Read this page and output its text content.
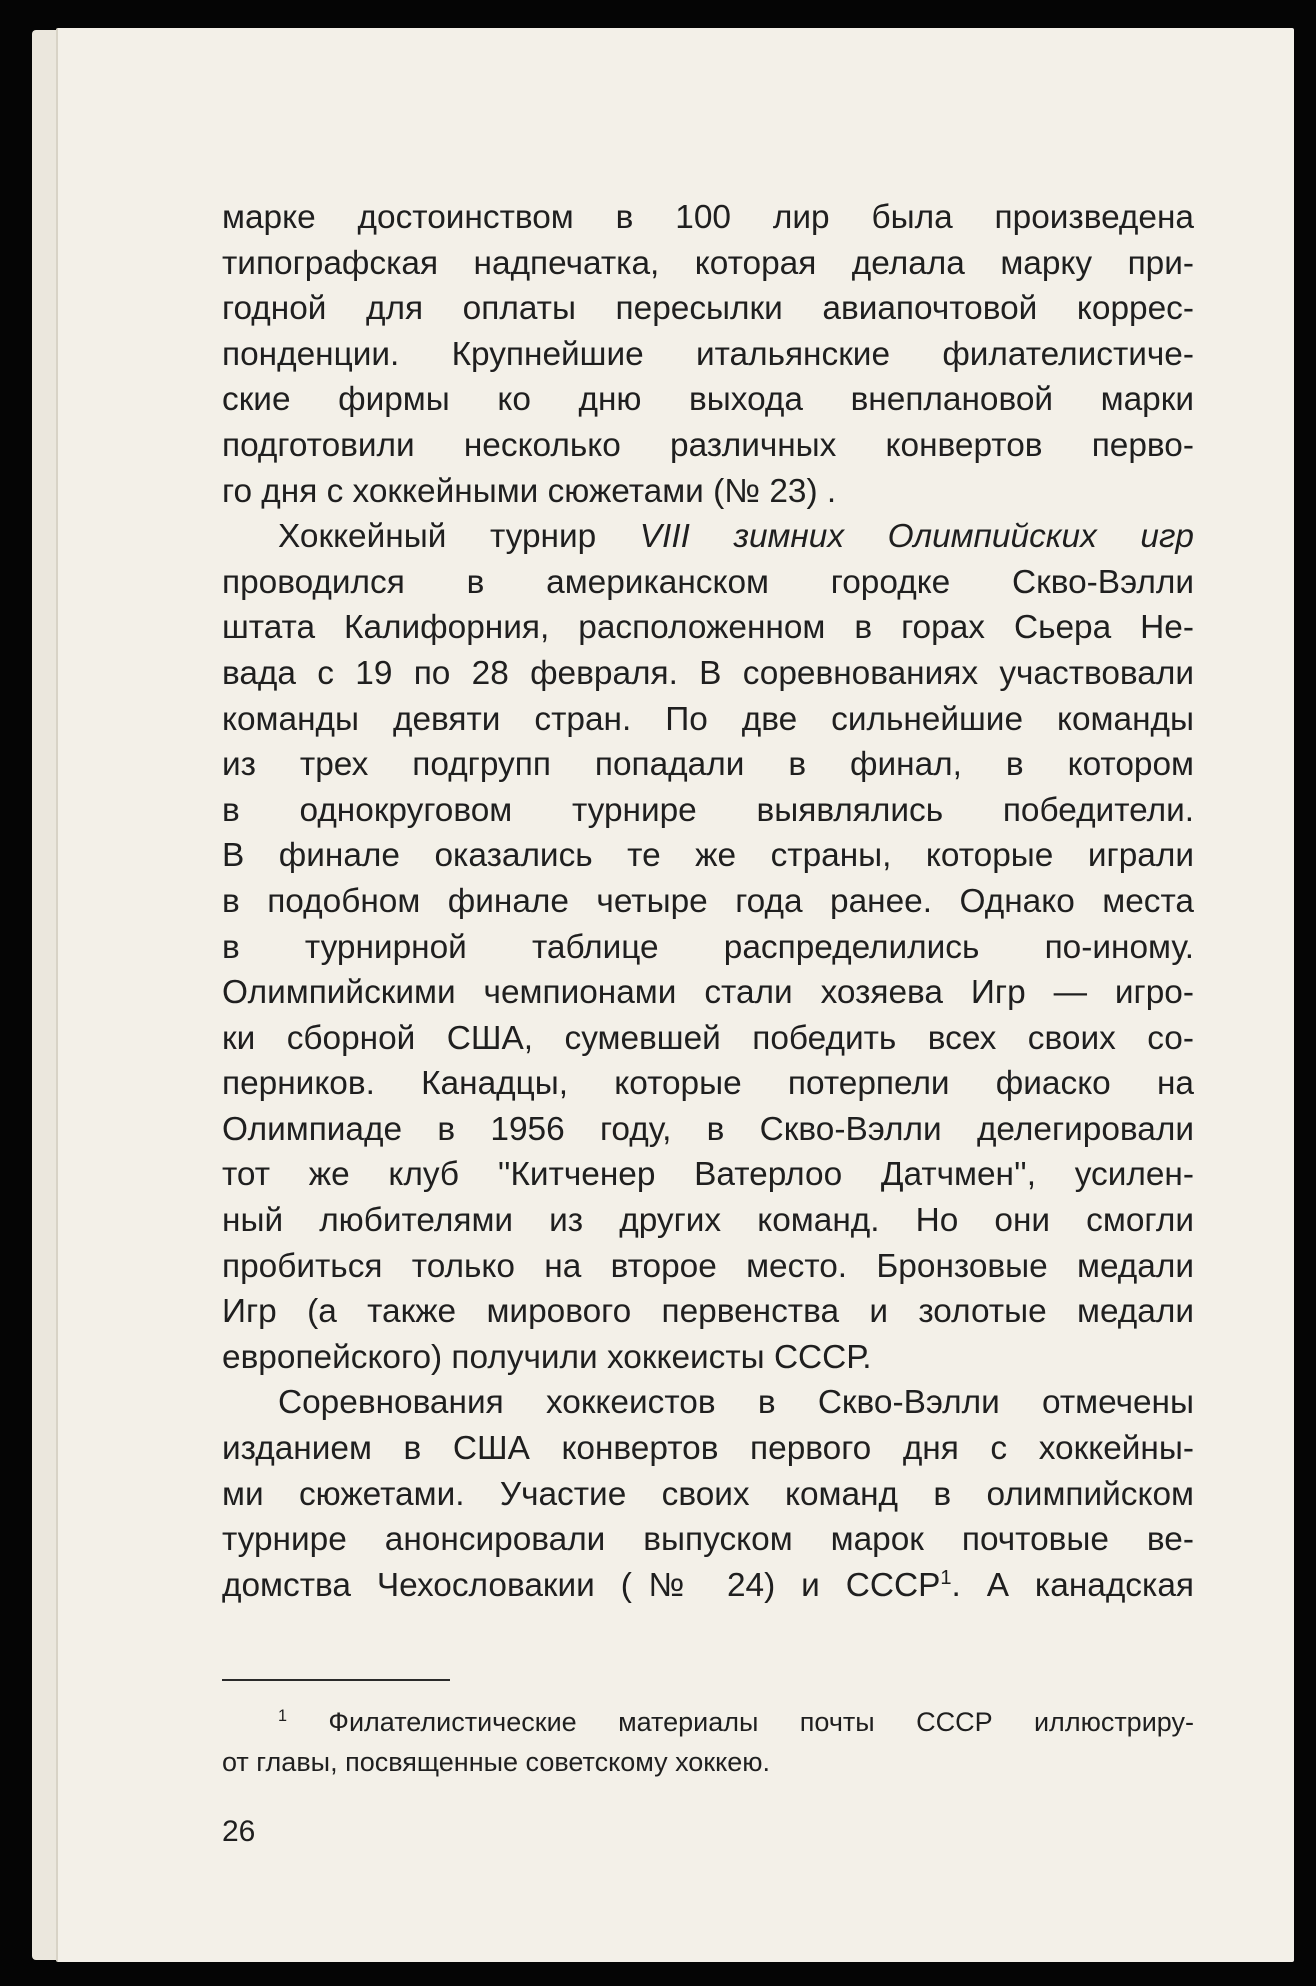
марке достоинством в 100 лир была произведена
типографская надпечатка, которая делала марку при-
годной для оплаты пересылки авиапочтовой коррес-
понденции. Крупнейшие итальянские филателистиче-
ские фирмы ко дню выхода внеплановой марки
подготовили несколько различных конвертов перво-
го дня с хоккейными сюжетами (№ 23) .
Хоккейный турнир VIII зимних Олимпийских игр
проводился в американском городке Скво-Вэлли
штата Калифорния, расположенном в горах Сьера Не-
вада с 19 по 28 февраля. В соревнованиях участвовали
команды девяти стран. По две сильнейшие команды
из трех подгрупп попадали в финал, в котором
в однокруговом турнире выявлялись победители.
В финале оказались те же страны, которые играли
в подобном финале четыре года ранее. Однако места
в турнирной таблице распределились по-иному.
Олимпийскими чемпионами стали хозяева Игр — игро-
ки сборной США, сумевшей победить всех своих со-
перников. Канадцы, которые потерпели фиаско на
Олимпиаде в 1956 году, в Скво-Вэлли делегировали
тот же клуб ''Китченер Ватерлоо Датчмен'', усилен-
ный любителями из других команд. Но они смогли
пробиться только на второе место. Бронзовые медали
Игр (а также мирового первенства и золотые медали
европейского) получили хоккеисты СССР.
Соревнования хоккеистов в Скво-Вэлли отмечены
изданием в США конвертов первого дня с хоккейны-
ми сюжетами. Участие своих команд в олимпийском
турнире анонсировали выпуском марок почтовые ве-
домства Чехословакии (№ 24) и СССР$^1$. А канадская
$^1$ Филателистические материалы почты СССР иллюстриру-
от главы, посвященные советскому хоккею.
26
